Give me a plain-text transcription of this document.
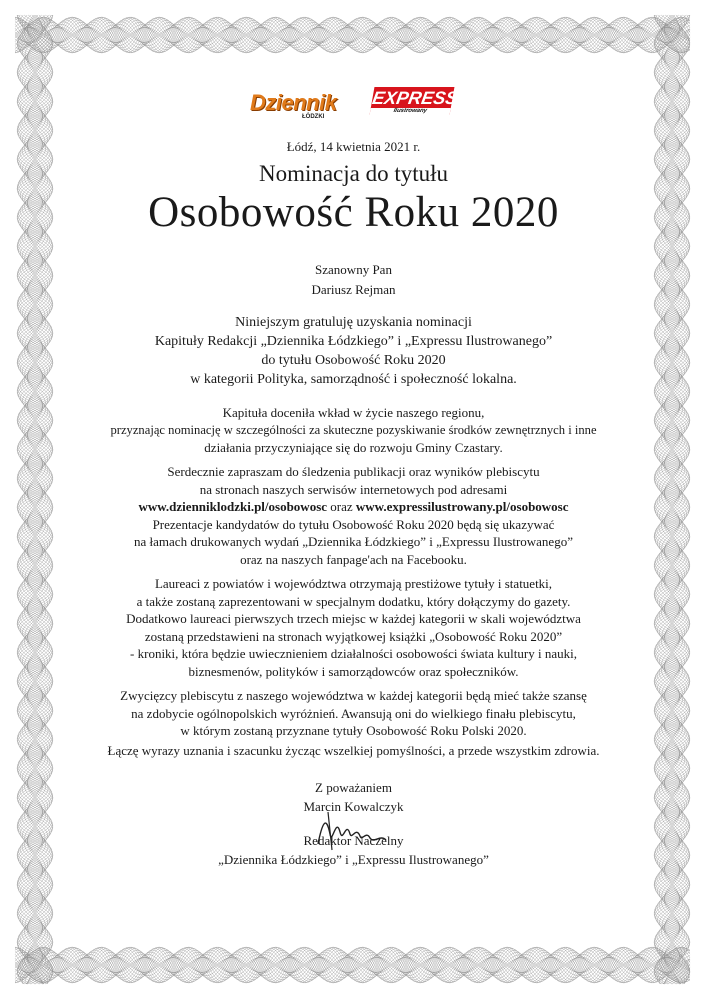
Dziennik
ŁÓDZKI
EXPRESS
Ilustrowany
Łódź, 14 kwietnia 2021 r.
Nominacja do tytułu
Osobowość Roku 2020
Szanowny Pan
Dariusz Rejman
Niniejszym gratuluję uzyskania nominacji
Kapituły Redakcji „Dziennika Łódzkiego” i „Expressu Ilustrowanego”
do tytułu Osobowość Roku 2020
w kategorii Polityka, samorządność i społeczność lokalna.
Kapituła doceniła wkład w życie naszego regionu,
przyznając nominację w szczególności za skuteczne pozyskiwanie środków zewnętrznych i inne
działania przyczyniające się do rozwoju Gminy Czastary.
Serdecznie zapraszam do śledzenia publikacji oraz wyników plebiscytu
na stronach naszych serwisów internetowych pod adresami
www.dzienniklodzki.pl/osobowosc oraz www.expressilustrowany.pl/osobowosc
Prezentacje kandydatów do tytułu Osobowość Roku 2020 będą się ukazywać
na łamach drukowanych wydań „Dziennika Łódzkiego” i „Expressu Ilustrowanego”
oraz na naszych fanpage'ach na Facebooku.
Laureaci z powiatów i województwa otrzymają prestiżowe tytuły i statuetki,
a także zostaną zaprezentowani w specjalnym dodatku, który dołączymy do gazety.
Dodatkowo laureaci pierwszych trzech miejsc w każdej kategorii w skali województwa
zostaną przedstawieni na stronach wyjątkowej książki „Osobowość Roku 2020”
- kroniki, która będzie uwiecznieniem działalności osobowości świata kultury i nauki,
biznesmenów, polityków i samorządowców oraz społeczników.
Zwycięzcy plebiscytu z naszego województwa w każdej kategorii będą mieć także szansę
na zdobycie ogólnopolskich wyróżnień. Awansują oni do wielkiego finału plebiscytu,
w którym zostaną przyznane tytuły Osobowość Roku Polski 2020.
Łączę wyrazy uznania i szacunku życząc wszelkiej pomyślności, a przede wszystkim zdrowia.
Z poważaniem
Marcin Kowalczyk
Redaktor Naczelny
„Dziennika Łódzkiego” i „Expressu Ilustrowanego”
